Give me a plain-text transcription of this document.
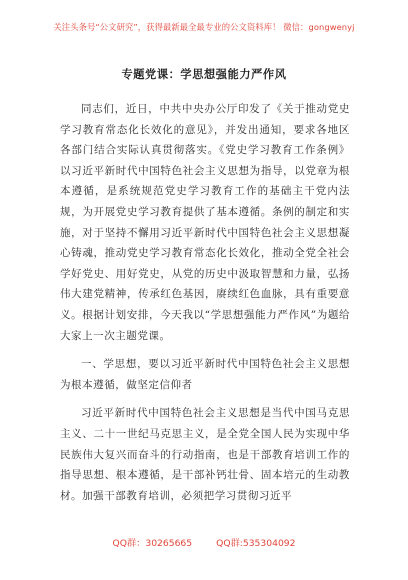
关注头条号“公文研究”，获得最新最全最专业的公文资料库！ 微信：gongwenyj
专题党课：学思想强能力严作风

同志们，近日，中共中央办公厅印发了《关于推动党史学习教育常态化长效化的意见》，并发出通知，要求各地区各部门结合实际认真贯彻落实。《党史学习教育工作条例》以习近平新时代中国特色社会主义思想为指导，以党章为根本遵循，是系统规范党史学习教育工作的基础主干党内法规，为开展党史学习教育提供了基本遵循。条例的制定和实施，对于坚持不懈用习近平新时代中国特色社会主义思想凝心铸魂，推动党史学习教育常态化长效化，推动全党全社会学好党史、用好党史，从党的历史中汲取智慧和力量，弘扬伟大建党精神，传承红色基因，赓续红色血脉，具有重要意义。根据计划安排，今天我以“学思想强能力严作风”为题给大家上一次主题党课。

一、学思想，要以习近平新时代中国特色社会主义思想为根本遵循，做坚定信仰者

习近平新时代中国特色社会主义思想是当代中国马克思主义、二十一世纪马克思主义，是全党全国人民为实现中华民族伟大复兴而奋斗的行动指南，也是干部教育培训工作的指导思想、根本遵循，是干部补钙壮骨、固本培元的生动教材。加强干部教育培训，必须把学习贯彻习近平

QQ群：30265665	QQ群:535304092
